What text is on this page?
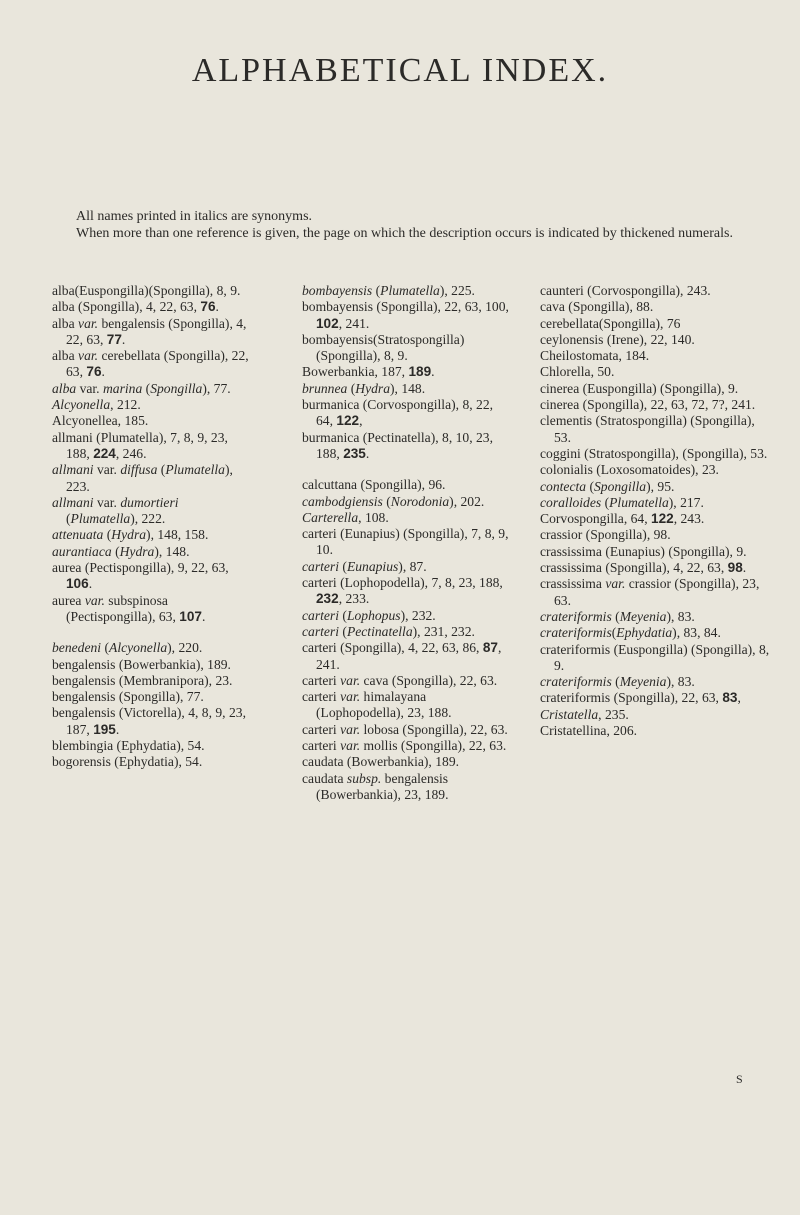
ALPHABETICAL INDEX.

All names printed in italics are synonyms.

When more than one reference is given, the page on which the description occurs is indicated by thickened numerals.

alba(Euspongilla)(Spongilla), 8, 9.

alba (Spongilla), 4, 22, 63, 76.

alba var. bengalensis (Spongilla), 4, 22, 63, 77.

alba var. cerebellata (Spongilla), 22, 63, 76.

alba var. marina (Spongilla), 77.

Alcyonella, 212.

Alcyonellea, 185.

allmani (Plumatella), 7, 8, 9, 23, 188, 224, 246.

allmani var. diffusa (Plumatella), 223.

allmani var. dumortieri (Plumatella), 222.

attenuata (Hydra), 148, 158.

aurantiaca (Hydra), 148.

aurea (Pectispongilla), 9, 22, 63, 106.

aurea var. subspinosa (Pectispongilla), 63, 107.

benedeni (Alcyonella), 220.

bengalensis (Bowerbankia), 189.

bengalensis (Membranipora), 23.

bengalensis (Spongilla), 77.

bengalensis (Victorella), 4, 8, 9, 23, 187, 195.

blembingia (Ephydatia), 54.

bogorensis (Ephydatia), 54.

bombayensis (Plumatella), 225.

bombayensis (Spongilla), 22, 63, 100, 102, 241.

bombayensis(Stratospongilla) (Spongilla), 8, 9.

Bowerbankia, 187, 189.

brunnea (Hydra), 148.

burmanica (Corvospongilla), 8, 22, 64, 122,

burmanica (Pectinatella), 8, 10, 23, 188, 235.

calcuttana (Spongilla), 96.

cambodgiensis (Norodonia), 202.

Carterella, 108.

carteri (Eunapius) (Spongilla), 7, 8, 9, 10.

carteri (Eunapius), 87.

carteri (Lophopodella), 7, 8, 23, 188, 232, 233.

carteri (Lophopus), 232.

carteri (Pectinatella), 231, 232.

carteri (Spongilla), 4, 22, 63, 86, 87, 241.

carteri var. cava (Spongilla), 22, 63.

carteri var. himalayana (Lophopodella), 23, 188.

carteri var. lobosa (Spongilla), 22, 63.

carteri var. mollis (Spongilla), 22, 63.

caudata (Bowerbankia), 189.

caudata subsp. bengalensis (Bowerbankia), 23, 189.

caunteri (Corvospongilla), 243.

cava (Spongilla), 88.

cerebellata(Spongilla), 76

ceylonensis (Irene), 22, 140.

Cheilostomata, 184.

Chlorella, 50.

cinerea (Euspongilla) (Spongilla), 9.

cinerea (Spongilla), 22, 63, 72, 7?, 241.

clementis (Stratospongilla) (Spongilla), 53.

coggini (Stratospongilla), (Spongilla), 53.

colonialis (Loxosomatoides), 23.

contecta (Spongilla), 95.

coralloides (Plumatella), 217.

Corvospongilla, 64, 122, 243.

crassior (Spongilla), 98.

crassissima (Eunapius) (Spongilla), 9.

crassissima (Spongilla), 4, 22, 63, 98.

crassissima var. crassior (Spongilla), 23, 63.

crateriformis (Meyenia), 83.

crateriformis(Ephydatia), 83, 84.

crateriformis (Euspongilla) (Spongilla), 8, 9.

crateriformis (Meyenia), 83.

crateriformis (Spongilla), 22, 63, 83,

Cristatella, 235.

Cristatellina, 206.

S
